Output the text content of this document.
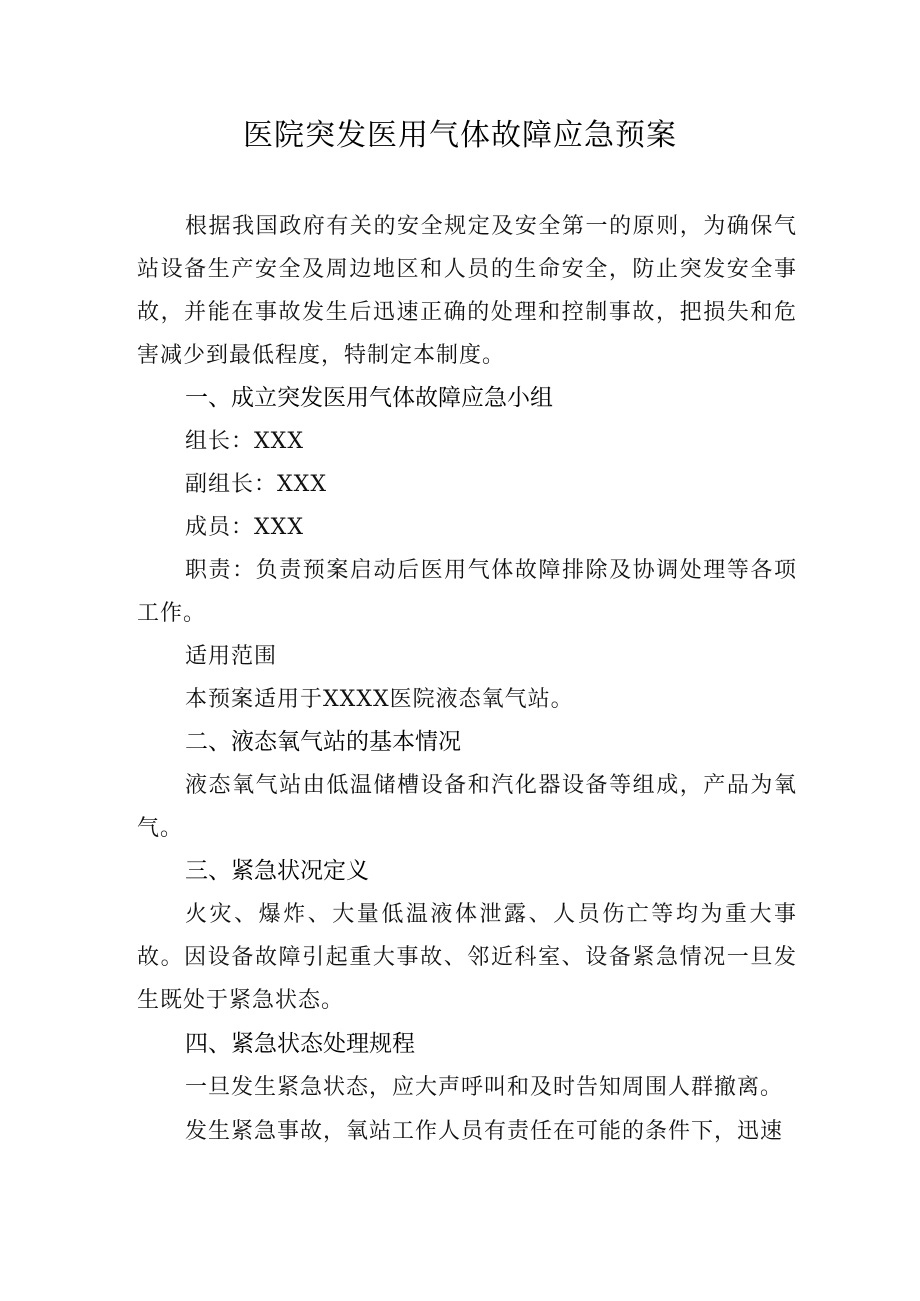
医院突发医用气体故障应急预案
根据我国政府有关的安全规定及安全第一的原则，为确保气站设备生产安全及周边地区和人员的生命安全，防止突发安全事故，并能在事故发生后迅速正确的处理和控制事故，把损失和危害减少到最低程度，特制定本制度。
一、成立突发医用气体故障应急小组
组长：XXX
副组长：XXX
成员：XXX
职责：负责预案启动后医用气体故障排除及协调处理等各项工作。
适用范围
本预案适用于XXXX医院液态氧气站。
二、液态氧气站的基本情况
液态氧气站由低温储槽设备和汽化器设备等组成，产品为氧气。
三、紧急状况定义
火灾、爆炸、大量低温液体泄露、人员伤亡等均为重大事故。因设备故障引起重大事故、邻近科室、设备紧急情况一旦发生既处于紧急状态。
四、紧急状态处理规程
一旦发生紧急状态，应大声呼叫和及时告知周围人群撤离。
发生紧急事故，氧站工作人员有责任在可能的条件下，迅速
